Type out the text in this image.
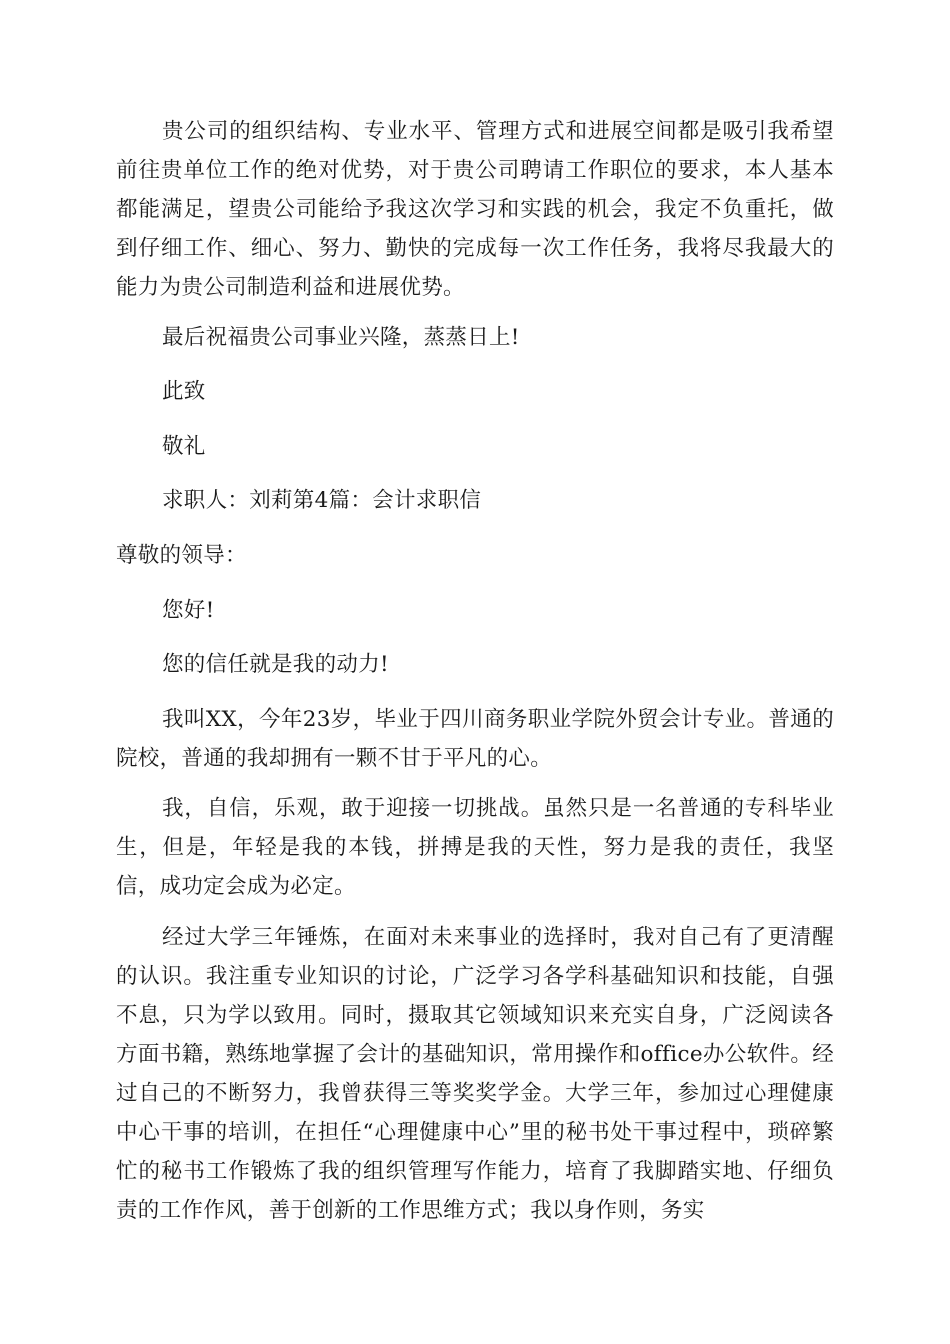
贵公司的组织结构、专业水平、管理方式和进展空间都是吸引我希望前往贵单位工作的绝对优势，对于贵公司聘请工作职位的要求，本人基本都能满足，望贵公司能给予我这次学习和实践的机会，我定不负重托，做到仔细工作、细心、努力、勤快的完成每一次工作任务，我将尽我最大的能力为贵公司制造利益和进展优势。

最后祝福贵公司事业兴隆，蒸蒸日上!

此致

敬礼

求职人：刘莉第4篇：会计求职信

尊敬的领导：

您好!

您的信任就是我的动力!

我叫XX，今年23岁，毕业于四川商务职业学院外贸会计专业。普通的院校，普通的我却拥有一颗不甘于平凡的心。

我，自信，乐观，敢于迎接一切挑战。虽然只是一名普通的专科毕业生，但是，年轻是我的本钱，拼搏是我的天性，努力是我的责任，我坚信，成功定会成为必定。

经过大学三年锤炼，在面对未来事业的选择时，我对自己有了更清醒的认识。我注重专业知识的讨论，广泛学习各学科基础知识和技能，自强不息，只为学以致用。同时，摄取其它领域知识来充实自身，广泛阅读各方面书籍，熟练地掌握了会计的基础知识，常用操作和office办公软件。经过自己的不断努力，我曾获得三等奖奖学金。大学三年，参加过心理健康中心干事的培训，在担任“心理健康中心”里的秘书处干事过程中，琐碎繁忙的秘书工作锻炼了我的组织管理写作能力，培育了我脚踏实地、仔细负责的工作作风，善于创新的工作思维方式；我以身作则，务实
